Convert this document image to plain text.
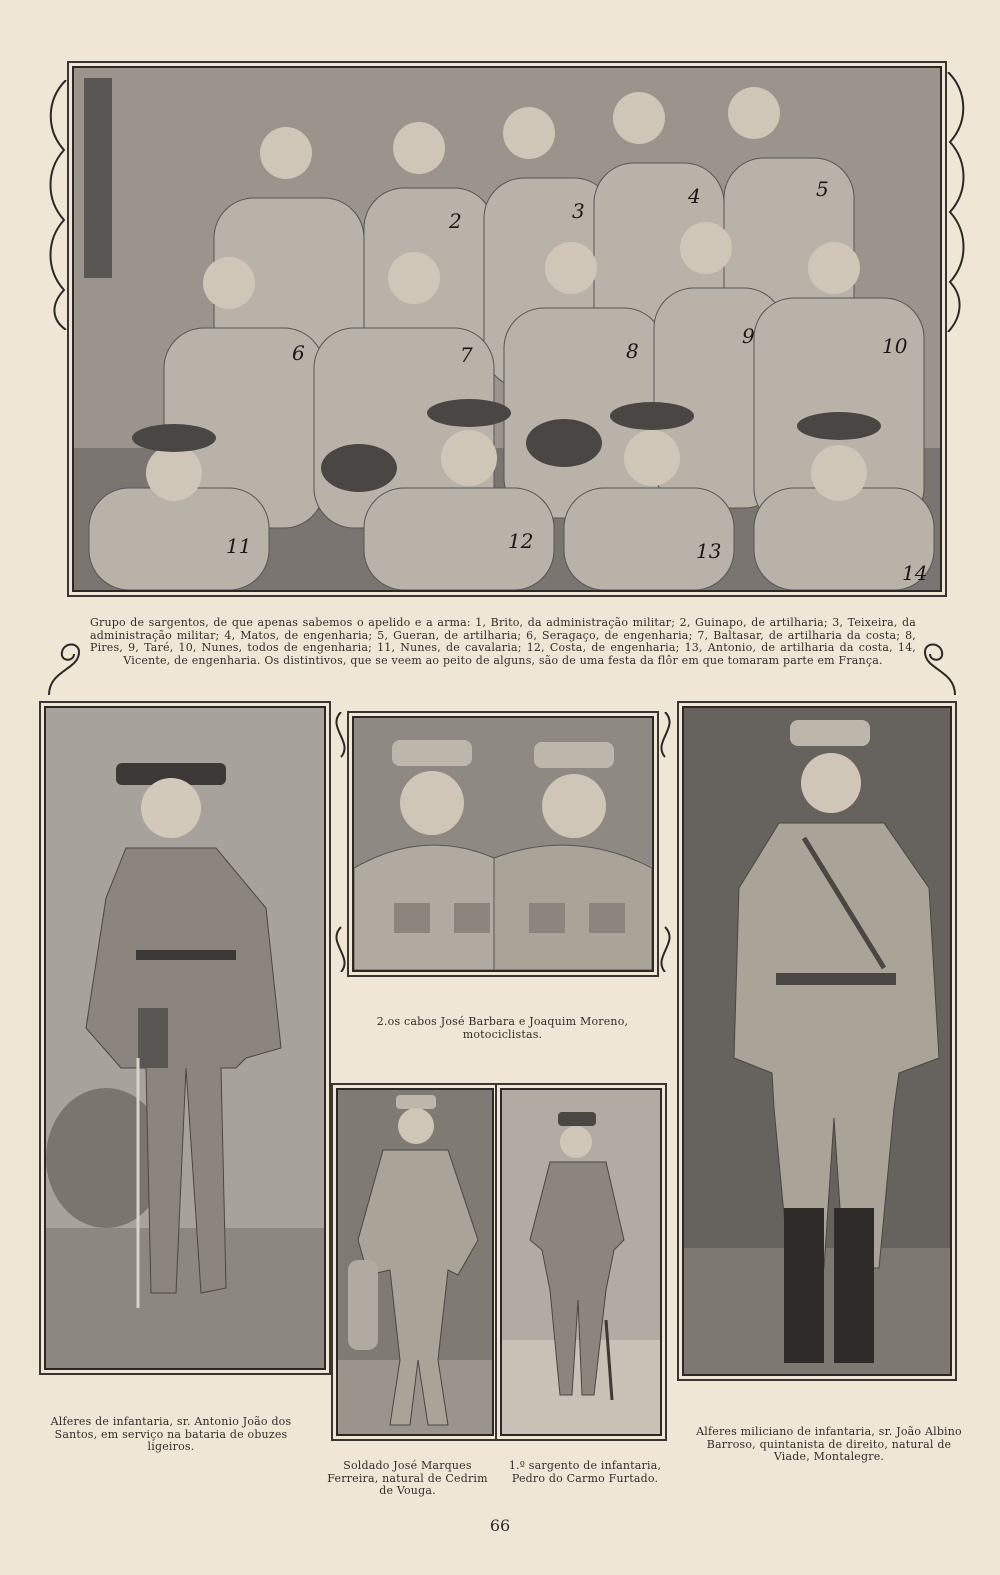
2	3
4	5
6	7	8
9	10
11	12	13
14
Grupo de sargentos, de que apenas sabemos o apelido e a arma: 1, Brito, da administração militar; 2, Guinapo, de artilharia; 3, Teixeira, da administração militar; 4, Matos, de engenharia; 5, Gueran, de artilharia; 6, Seragaço, de engenharia; 7, Baltasar, de artilharia da costa; 8, Pires, 9, Taré, 10, Nunes, todos de engenharia; 11, Nunes, de cavalaria; 12, Costa, de engenharia; 13, Antonio, de artilharia da costa, 14, Vicente, de engenharia. Os distintivos, que se veem ao peito de alguns, são de uma festa da flôr em que tomaram parte em França.
2.os cabos José Barbara e Joaquim Moreno, motociclistas.
Alferes de infantaria, sr. Antonio João dos Santos, em serviço na bataria de obuzes ligeiros.
Soldado José Marques Ferreira, natural de Cedrim de Vouga.
1.º sargento de infantaria, Pedro do Carmo Furtado.
Alferes miliciano de infantaria, sr. João Albino Barroso, quintanista de direito, natural de Viade, Montalegre.
66
